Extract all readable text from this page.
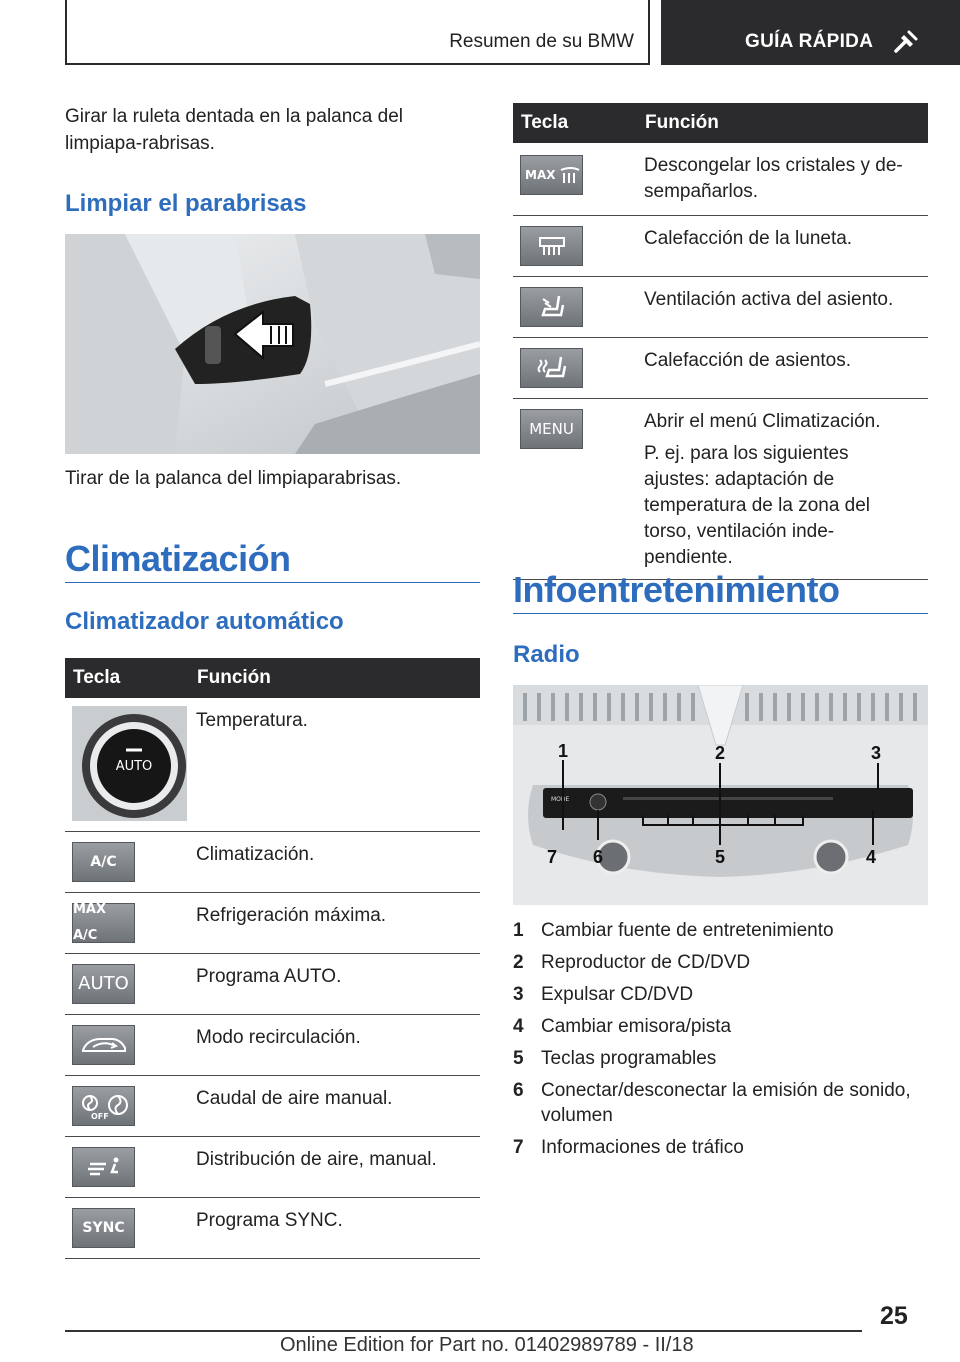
Resumen de su BMW	GUÍA RÁPIDA

Girar la ruleta dentada en la palanca del limpiapa-rabrisas.

Limpiar el parabrisas

Tirar de la palanca del limpiaparabrisas.

Climatización
Climatizador automático
Tecla	Función

AUTO	Temperatura.

A/C	Climatización.

MAX A/C	Refrigeración máxima.

AUTO	Programa AUTO.

	Modo recirculación.

OFF	Caudal de aire manual.

	Distribución de aire, manual.

SYNC	Programa SYNC.
Tecla	Función

MAX	Descongelar los cristales y de-sempañarlos.

	Calefacción de la luneta.

	Ventilación activa del asiento.

	Calefacción de asientos.

MENU	Abrir el menú Climatización.
P. ej. para los siguientes ajustes: adaptación de temperatura de la zona del torso, ventilación inde-pendiente.
Infoentretenimiento
Radio
MODE
1	2	3
4
5
6
7
1 Cambiar fuente de entretenimiento
2 Reproductor de CD/DVD
3 Expulsar CD/DVD
4 Cambiar emisora/pista
5 Teclas programables
6 Conectar/desconectar la emisión de sonido, volumen
7 Informaciones de tráfico
25
Online Edition for Part no. 01402989789 - II/18
